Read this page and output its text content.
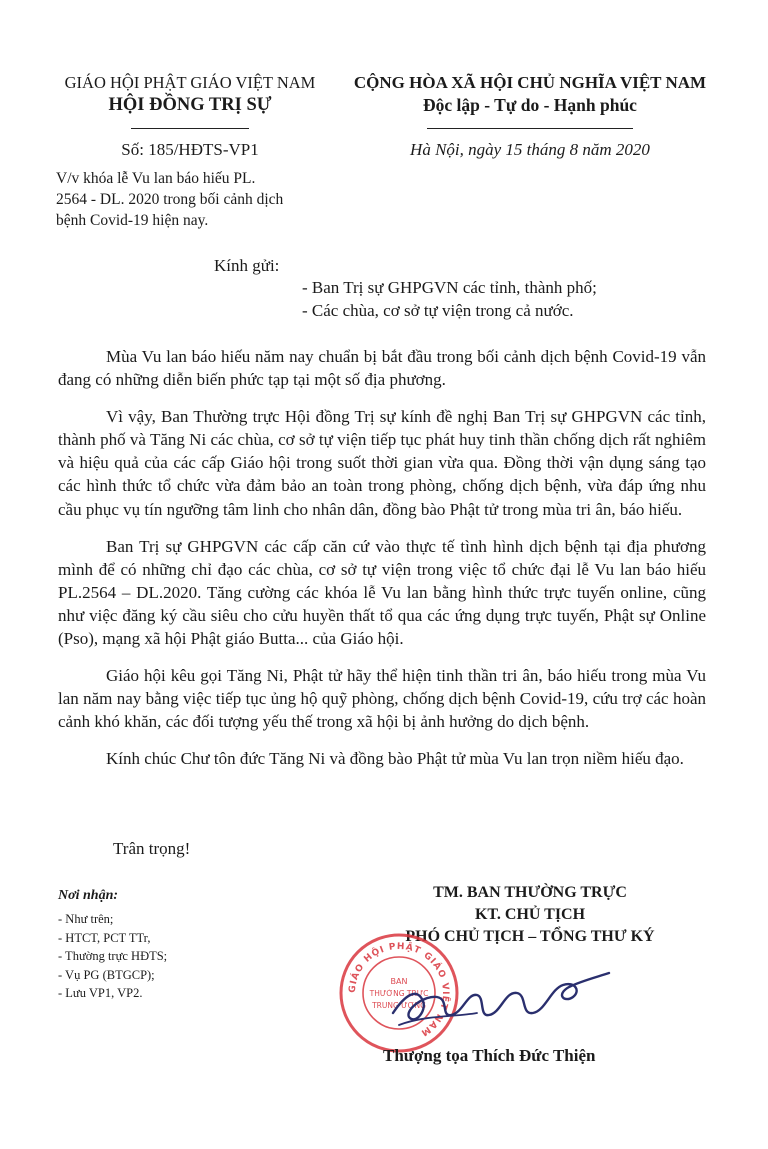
GIÁO HỘI PHẬT GIÁO VIỆT NAM
HỘI ĐỒNG TRỊ SỰ
CỘNG HÒA XÃ HỘI CHỦ NGHĨA VIỆT NAM
Độc lập - Tự do - Hạnh phúc
Số: 185/HĐTS-VP1	Hà Nội, ngày 15 tháng 8 năm 2020
V/v khóa lễ Vu lan báo hiếu PL.
2564 - DL. 2020 trong bối cảnh dịch
bệnh Covid-19 hiện nay.
Kính gửi:
- Ban Trị sự GHPGVN các tỉnh, thành phố;
- Các chùa, cơ sở tự viện trong cả nước.

Mùa Vu lan báo hiếu năm nay chuẩn bị bắt đầu trong bối cảnh dịch bệnh Covid-19 vẫn đang có những diễn biến phức tạp tại một số địa phương.

Vì vậy, Ban Thường trực Hội đồng Trị sự kính đề nghị Ban Trị sự GHPGVN các tỉnh, thành phố và Tăng Ni các chùa, cơ sở tự viện tiếp tục phát huy tinh thần chống dịch rất nghiêm và hiệu quả của các cấp Giáo hội trong suốt thời gian vừa qua. Đồng thời vận dụng sáng tạo các hình thức tổ chức vừa đảm bảo an toàn trong phòng, chống dịch bệnh, vừa đáp ứng nhu cầu phục vụ tín ngưỡng tâm linh cho nhân dân, đồng bào Phật tử trong mùa tri ân, báo hiếu.

Ban Trị sự GHPGVN các cấp căn cứ vào thực tế tình hình dịch bệnh tại địa phương mình để có những chỉ đạo các chùa, cơ sở tự viện trong việc tổ chức đại lễ Vu lan báo hiếu PL.2564 – DL.2020. Tăng cường các khóa lễ Vu lan bằng hình thức trực tuyến online, cũng như việc đăng ký cầu siêu cho cửu huyền thất tổ qua các ứng dụng trực tuyến, Phật sự Online (Pso), mạng xã hội Phật giáo Butta... của Giáo hội.

Giáo hội kêu gọi Tăng Ni, Phật tử hãy thể hiện tinh thần tri ân, báo hiếu trong mùa Vu lan năm nay bằng việc tiếp tục ủng hộ quỹ phòng, chống dịch bệnh Covid-19, cứu trợ các hoàn cảnh khó khăn, các đối tượng yếu thế trong xã hội bị ảnh hưởng do dịch bệnh.

Kính chúc Chư tôn đức Tăng Ni và đồng bào Phật tử mùa Vu lan trọn niềm hiếu đạo.

Trân trọng!
Nơi nhận:
- Như trên;
- HTCT, PCT TTr,
- Thường trực HĐTS;
- Vụ PG (BTGCP);
- Lưu VP1, VP2.
TM. BAN THƯỜNG TRỰC
KT. CHỦ TỊCH
PHÓ CHỦ TỊCH – TỔNG THƯ KÝ
GIÁO HỘI PHẬT GIÁO VIỆT NAM
BAN
THƯỜNG TRỰC
TRUNG ƯƠNG
Thượng tọa Thích Đức Thiện
